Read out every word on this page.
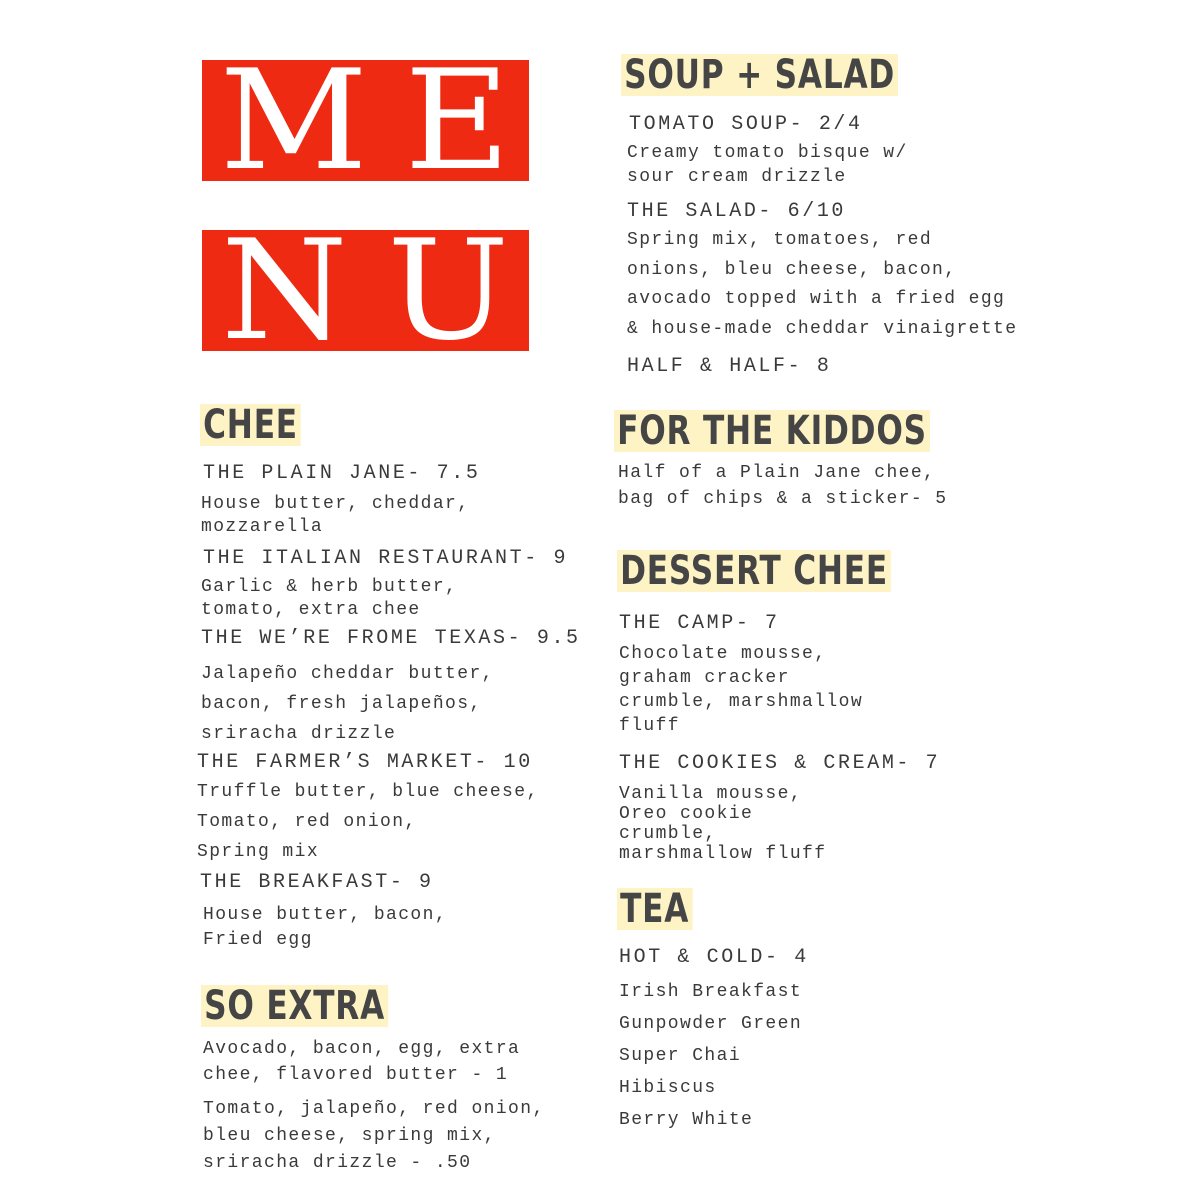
M E
N U
CHEE
THE PLAIN JANE- 7.5
House butter, cheddar,
mozzarella
THE ITALIAN RESTAURANT- 9
Garlic & herb butter,
tomato, extra chee
THE WE’RE FROME TEXAS- 9.5
Jalapeño cheddar butter,
bacon, fresh jalapeños,
sriracha drizzle
THE FARMER’S MARKET- 10
Truffle butter, blue cheese,
Tomato, red onion,
Spring mix
THE BREAKFAST- 9
House butter, bacon,
Fried egg
SO EXTRA
Avocado, bacon, egg, extra
chee, flavored butter - 1
Tomato, jalapeño, red onion,
bleu cheese, spring mix,
sriracha drizzle - .50
SOUP + SALAD
TOMATO SOUP- 2/4
Creamy tomato bisque w/
sour cream drizzle
THE SALAD- 6/10
Spring mix, tomatoes, red
onions, bleu cheese, bacon,
avocado topped with a fried egg
& house-made cheddar vinaigrette
HALF & HALF- 8
FOR THE KIDDOS
Half of a Plain Jane chee,
bag of chips & a sticker- 5
DESSERT CHEE
THE CAMP- 7
Chocolate mousse,
graham cracker
crumble, marshmallow
fluff
THE COOKIES & CREAM- 7
Vanilla mousse,
Oreo cookie
crumble,
marshmallow fluff
TEA
HOT & COLD- 4
Irish Breakfast
Gunpowder Green
Super Chai
Hibiscus
Berry White
